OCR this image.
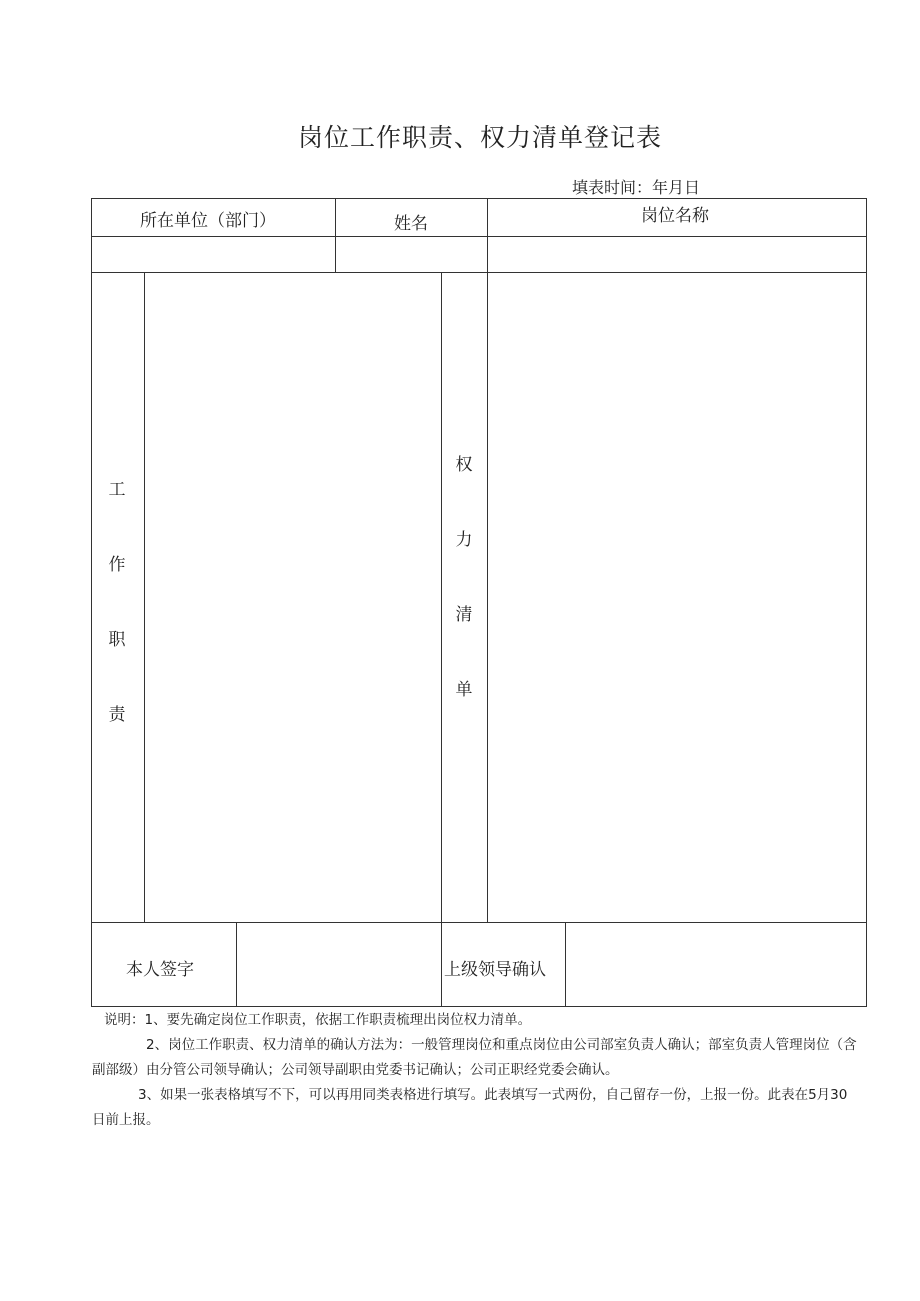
岗位工作职责、权力清单登记表
填表时间：年月日
所在单位（部门）	姓名	岗位名称
工
作
职
责
权
力
清
单
本人签字	上级领导确认

说明：1、要先确定岗位工作职责，依据工作职责梳理出岗位权力清单。

2、岗位工作职责、权力清单的确认方法为：一般管理岗位和重点岗位由公司部室负责人确认；部室负责人管理岗位（含副部级）由分管公司领导确认；公司领导副职由党委书记确认；公司正职经党委会确认。

3、如果一张表格填写不下，可以再用同类表格进行填写。此表填写一式两份，自己留存一份，上报一份。此表在5月30日前上报。
